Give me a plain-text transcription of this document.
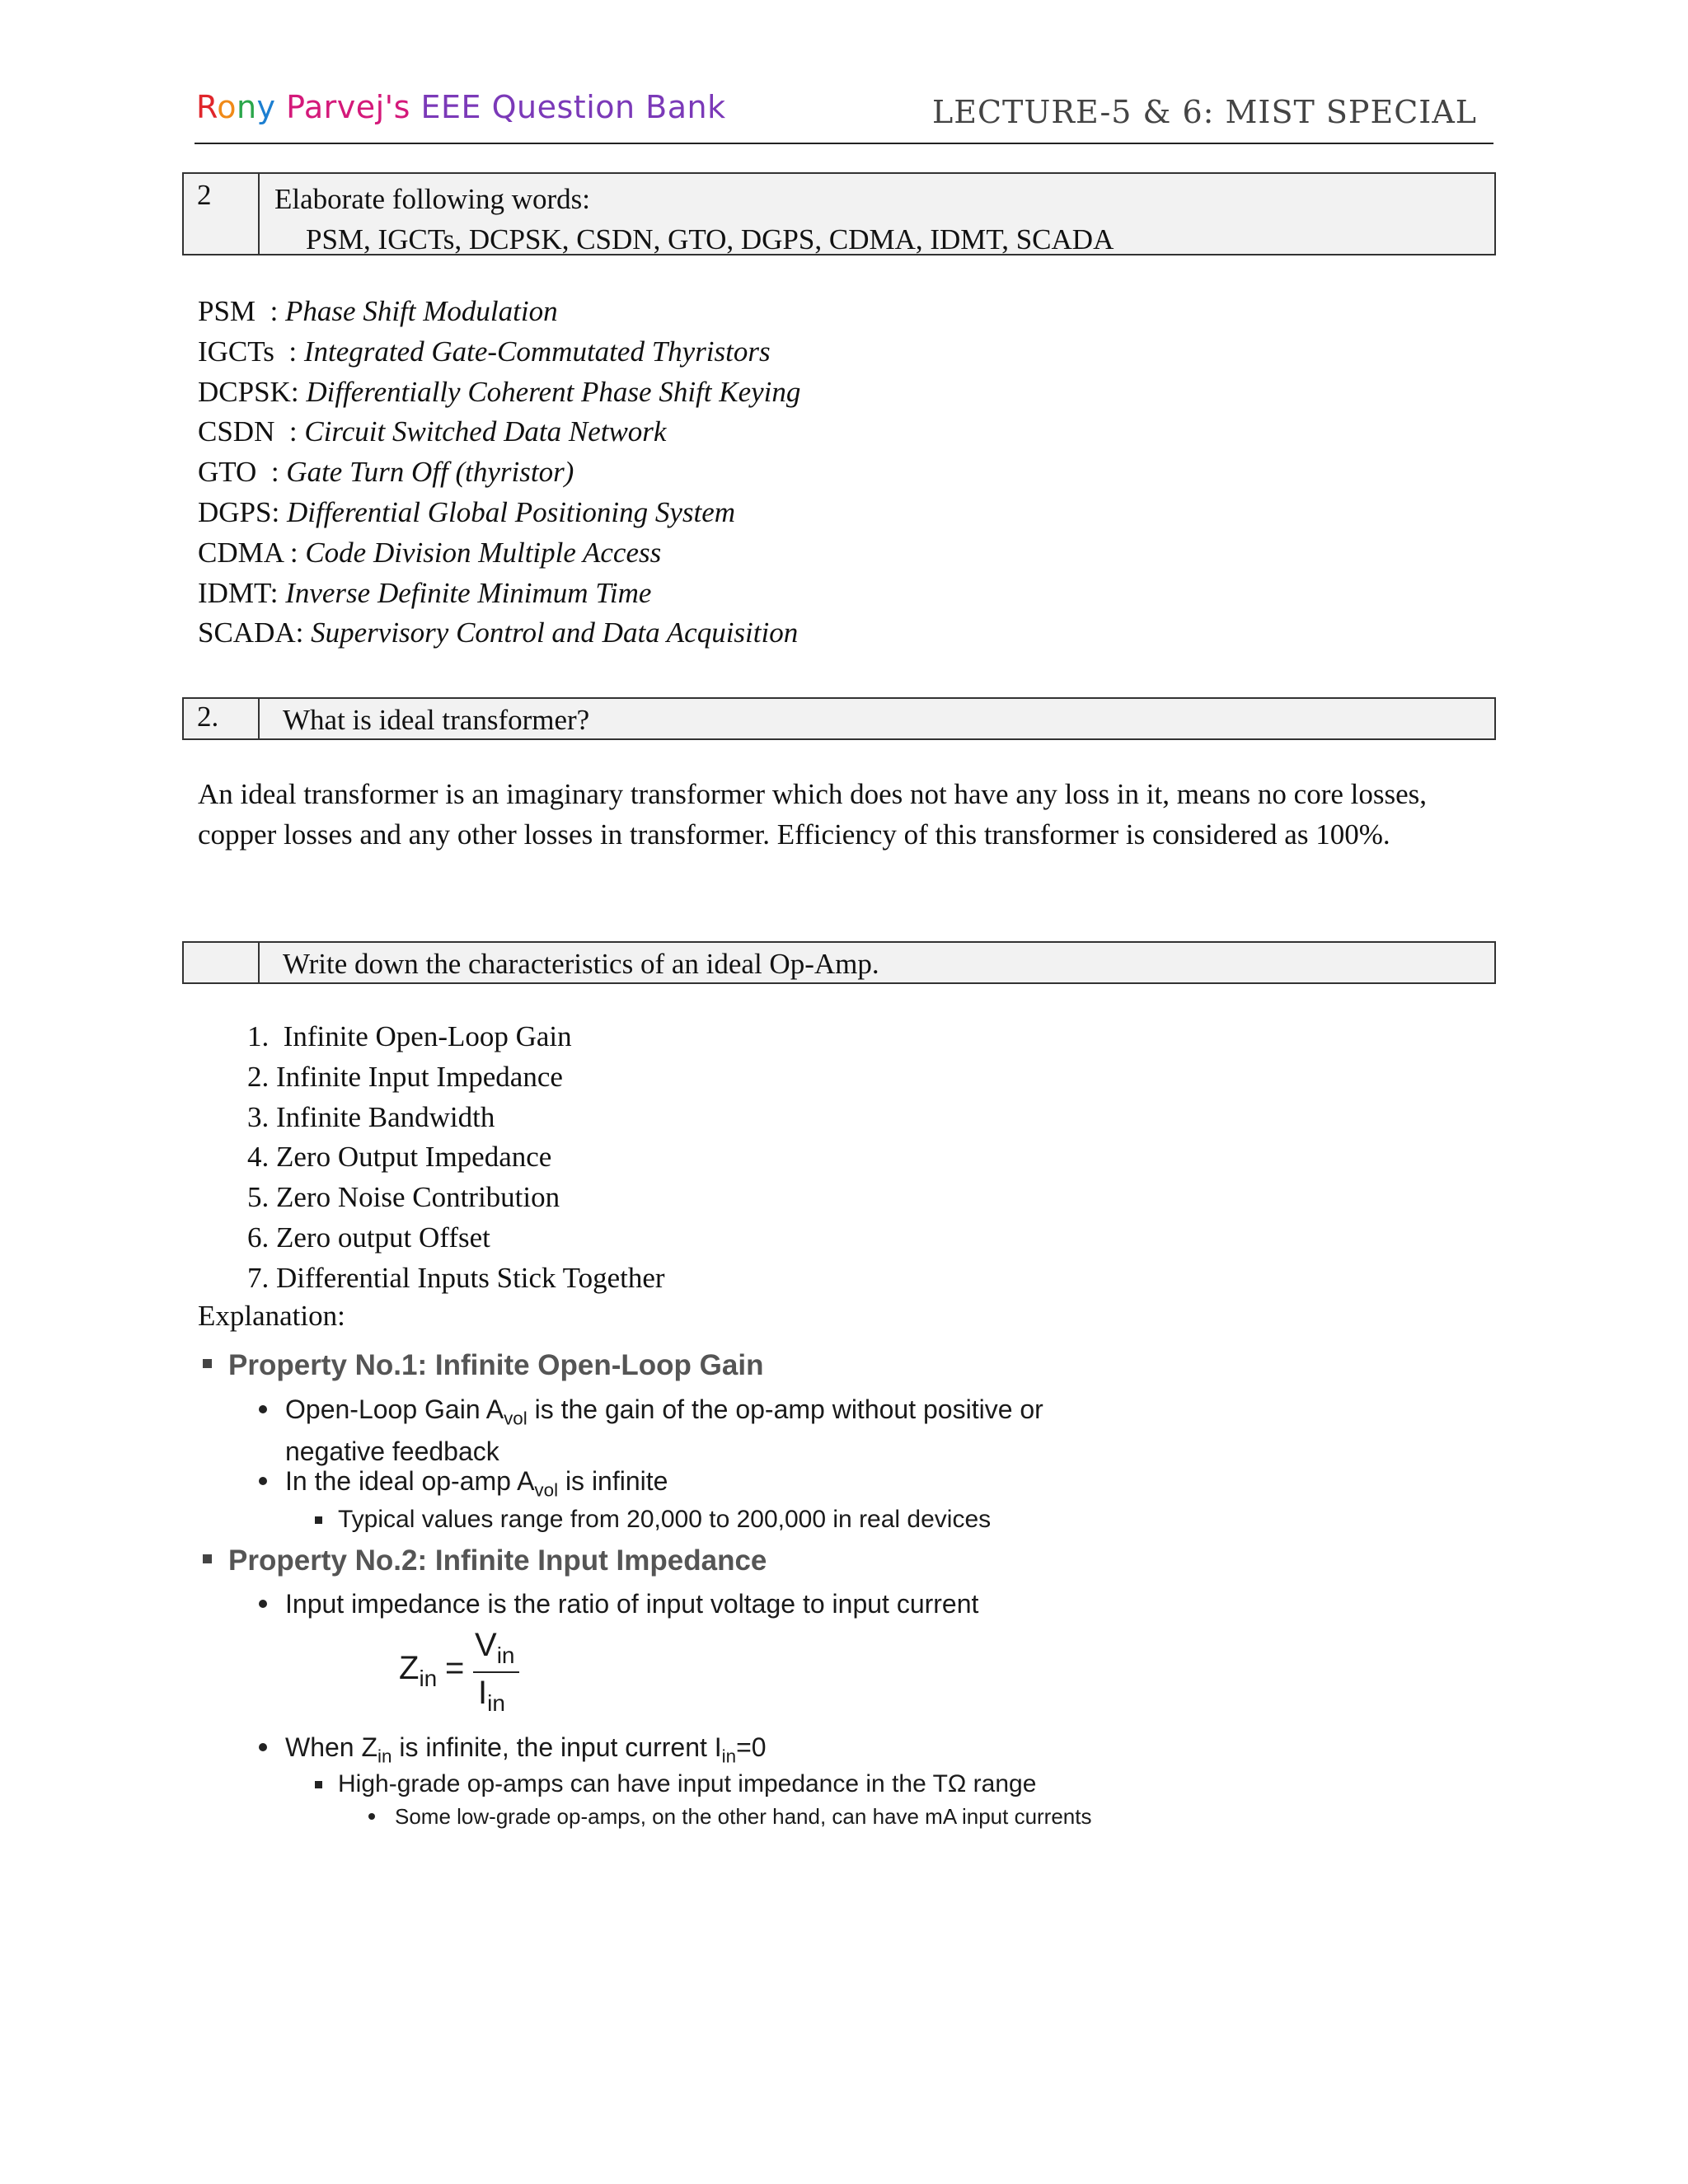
Rony Parvej's EEE Question Bank	LECTURE-5 & 6: MIST SPECIAL
2	Elaborate following words:
PSM, IGCTs, DCPSK, CSDN, GTO, DGPS, CDMA, IDMT, SCADA
PSM  : Phase Shift Modulation
IGCTs  : Integrated Gate-Commutated Thyristors
DCPSK: Differentially Coherent Phase Shift Keying
CSDN  : Circuit Switched Data Network
GTO  : Gate Turn Off (thyristor)
DGPS: Differential Global Positioning System
CDMA : Code Division Multiple Access
IDMT: Inverse Definite Minimum Time
SCADA: Supervisory Control and Data Acquisition
2.	What is ideal transformer?
An ideal transformer is an imaginary transformer which does not have any loss in it, means no core losses, copper losses and any other losses in transformer. Efficiency of this transformer is considered as 100%.
Write down the characteristics of an ideal Op-Amp.
1.  Infinite Open-Loop Gain
2. Infinite Input Impedance
3. Infinite Bandwidth
4. Zero Output Impedance
5. Zero Noise Contribution
6. Zero output Offset
7. Differential Inputs Stick Together
Explanation:
Property No.1: Infinite Open-Loop Gain
Open-Loop Gain $A_{vol}$ is the gain of the op-amp without positive or
negative feedback
In the ideal op-amp $A_{vol}$ is infinite
Typical values range from 20,000 to 200,000 in real devices
Property No.2: Infinite Input Impedance
Input impedance is the ratio of input voltage to input current
$Z_{in}$ =
$V_{in}$
$I_{in}$
When $Z_{in}$ is infinite, the input current $I_{in}=0$
High-grade op-amps can have input impedance in the TΩ range
Some low-grade op-amps, on the other hand, can have mA input currents
